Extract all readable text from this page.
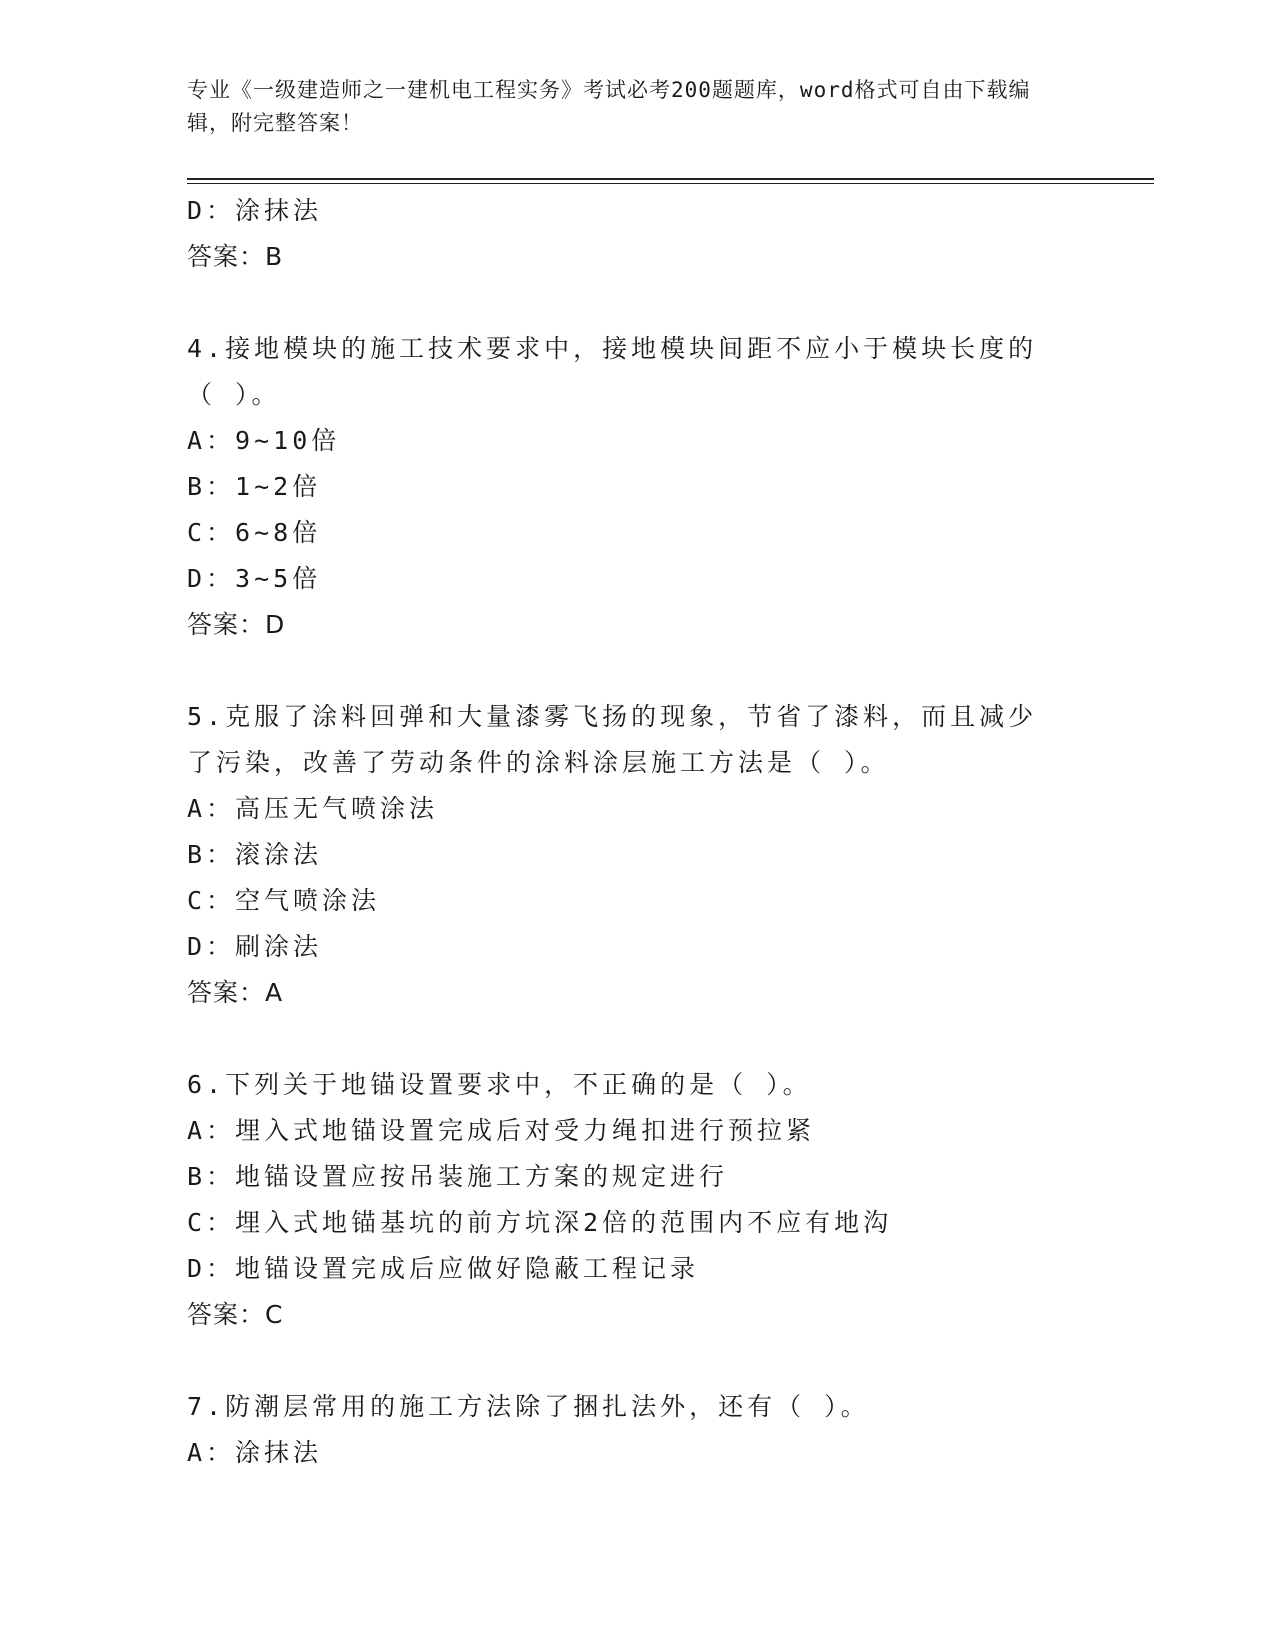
专业《一级建造师之一建机电工程实务》考试必考200题题库，word格式可自由下载编辑，附完整答案！
D：涂抹法
答案：B
4.接地模块的施工技术要求中，接地模块间距不应小于模块长度的（ ）。
A：9~10倍
B：1~2倍
C：6~8倍
D：3~5倍
答案：D
5.克服了涂料回弹和大量漆雾飞扬的现象，节省了漆料，而且减少了污染，改善了劳动条件的涂料涂层施工方法是（ ）。
A：高压无气喷涂法
B：滚涂法
C：空气喷涂法
D：刷涂法
答案：A
6.下列关于地锚设置要求中，不正确的是（ ）。
A：埋入式地锚设置完成后对受力绳扣进行预拉紧
B：地锚设置应按吊装施工方案的规定进行
C：埋入式地锚基坑的前方坑深2倍的范围内不应有地沟
D：地锚设置完成后应做好隐蔽工程记录
答案：C
7.防潮层常用的施工方法除了捆扎法外，还有（ ）。
A：涂抹法
